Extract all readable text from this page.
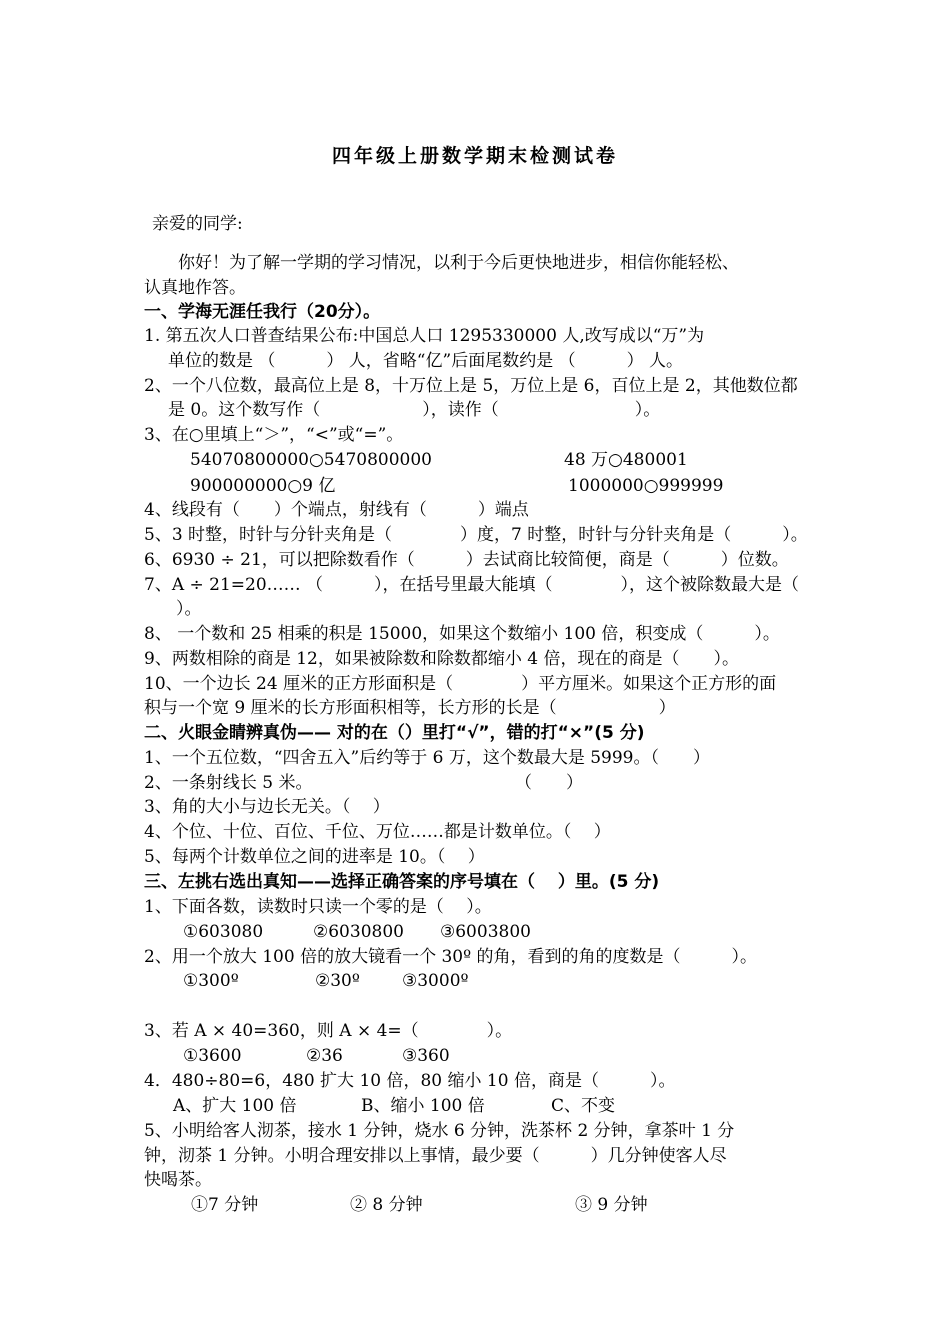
四年级上册数学期末检测试卷
亲爱的同学:
你好！为了解一学期的学习情况，以利于今后更快地进步，相信你能轻松、
认真地作答。
一、学海无涯任我行（20分）。
1. 第五次人口普查结果公布:中国总人口 1295330000 人,改写成以“万”为
单位的数是 （　　　） 人，省略“亿”后面尾数约是 （　　　） 人。
2、一个八位数，最高位上是 8，十万位上是 5，万位上是 6，百位上是 2，其他数位都
是 0。这个数写作（　　　　　　），读作（　　　　　　　　）。
3、在○里填上“＞”，“<”或“=”。
54070800000○5470800000	48 万○480001
900000000○9 亿	1000000○999999
4、线段有（　　）个端点，射线有（　　　）端点
5、3 时整，时针与分针夹角是（　　　　）度，7 时整，时针与分针夹角是（　　　）。
6、6930 ÷ 21，可以把除数看作（　　　）去试商比较简便，商是（　　　）位数。
7、A ÷ 21=20…… （　　　），在括号里最大能填（　　　　），这个被除数最大是（
）。
8、 一个数和 25 相乘的积是 15000，如果这个数缩小 100 倍，积变成（　　　）。
9、两数相除的商是 12，如果被除数和除数都缩小 4 倍，现在的商是（　　）。
10、一个边长 24 厘米的正方形面积是（　　　　）平方厘米。如果这个正方形的面
积与一个宽 9 厘米的长方形面积相等，长方形的长是（　　　　　　）
二、火眼金睛辨真伪—— 对的在（）里打“√”，错的打“×”(5 分)
1、一个五位数，“四舍五入”后约等于 6 万，这个数最大是 5999。（　　）
2、一条射线长 5 米。	（　　）
3、角的大小与边长无关。（　 ）
4、个位、十位、百位、千位、万位……都是计数单位。（　 ）
5、每两个计数单位之间的进率是 10。（　 ）
三、左挑右选出真知——选择正确答案的序号填在（　 ）里。(5 分)
1、下面各数，读数时只读一个零的是（　 ）。
①603080	②6030800 ③6003800
2、用一个放大 100 倍的放大镜看一个 30º 的角，看到的角的度数是（　　　）。
①300º	②30º ③3000º
3、若 A × 40=360，则 A × 4=（　　　　）。
①3600	②36	③360
4．480÷80=6，480 扩大 10 倍，80 缩小 10 倍，商是（　　　）。
A、扩大 100 倍	B、缩小 100 倍	C、不变
5、小明给客人沏茶，接水 1 分钟，烧水 6 分钟，洗茶杯 2 分钟，拿茶叶 1 分
钟，沏茶 1 分钟。小明合理安排以上事情，最少要（　　　）几分钟使客人尽
快喝茶。
①7 分钟	② 8 分钟	③ 9 分钟
